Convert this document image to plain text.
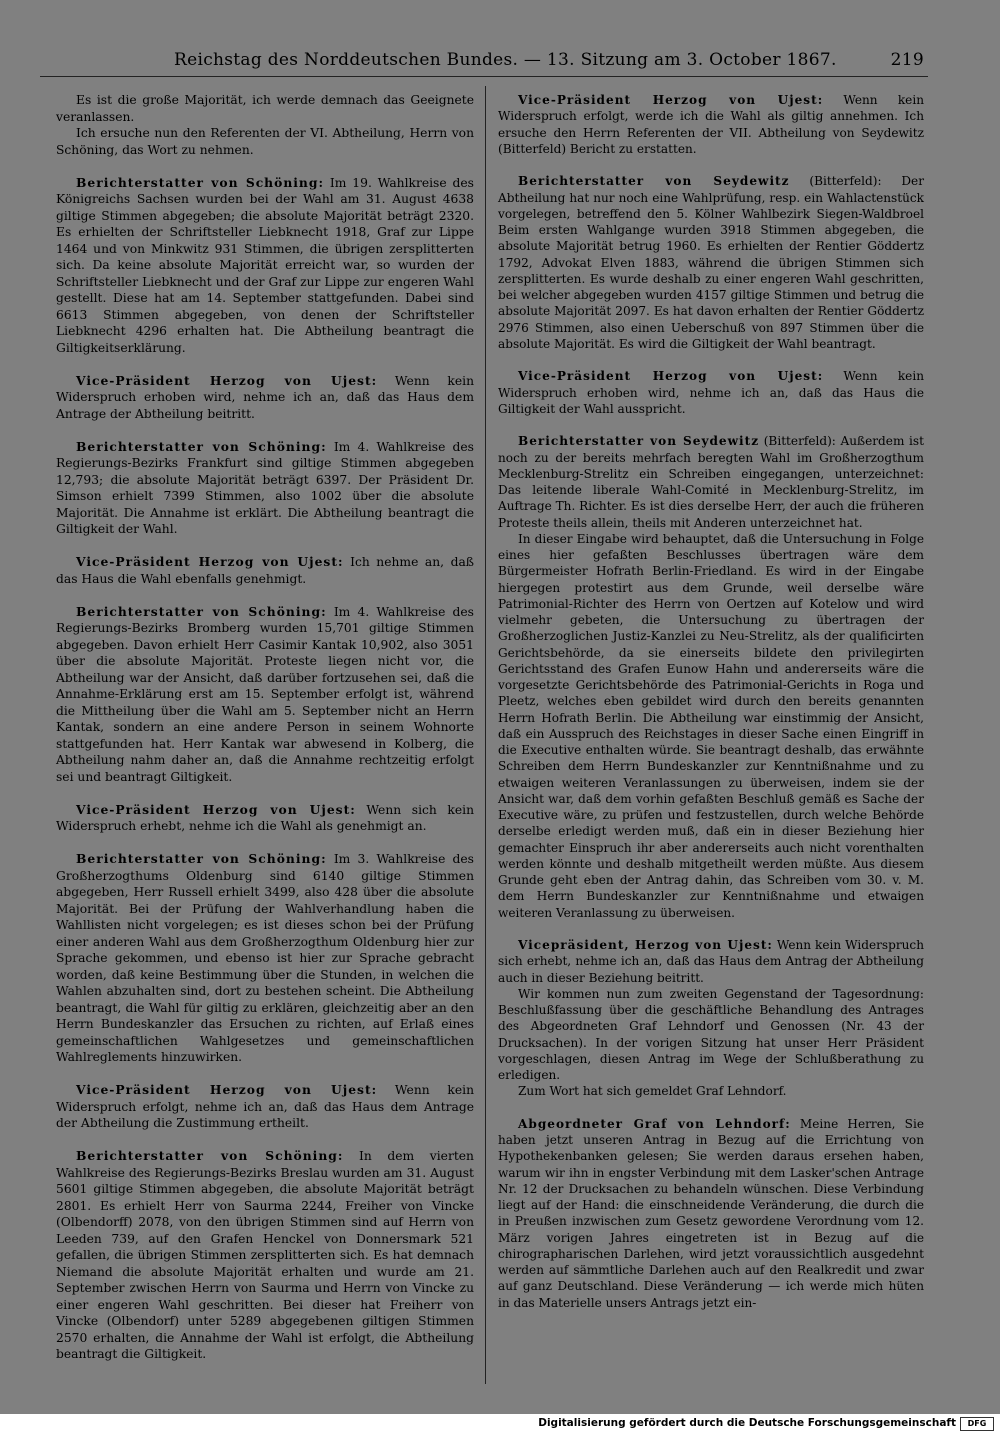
Reichstag des Norddeutschen Bundes. — 13. Sitzung am 3. October 1867.	219

Es ist die große Majorität, ich werde demnach das Geeignete veranlassen.

Ich ersuche nun den Referenten der VI. Abtheilung, Herrn von Schöning, das Wort zu nehmen.

Berichterstatter von Schöning: Im 19. Wahlkreise des Königreichs Sachsen wurden bei der Wahl am 31. August 4638 giltige Stimmen abgegeben; die absolute Majorität beträgt 2320. Es erhielten der Schriftsteller Liebknecht 1918, Graf zur Lippe 1464 und von Minkwitz 931 Stimmen, die übrigen zersplitterten sich. Da keine absolute Majorität erreicht war, so wurden der Schriftsteller Liebknecht und der Graf zur Lippe zur engeren Wahl gestellt. Diese hat am 14. September stattgefunden. Dabei sind 6613 Stimmen abgegeben, von denen der Schriftsteller Liebknecht 4296 erhalten hat. Die Abtheilung beantragt die Giltigkeitserklärung.

Vice-Präsident Herzog von Ujest: Wenn kein Widerspruch erhoben wird, nehme ich an, daß das Haus dem Antrage der Abtheilung beitritt.

Berichterstatter von Schöning: Im 4. Wahlkreise des Regierungs-Bezirks Frankfurt sind giltige Stimmen abgegeben 12,793; die absolute Majorität beträgt 6397. Der Präsident Dr. Simson erhielt 7399 Stimmen, also 1002 über die absolute Majorität. Die Annahme ist erklärt. Die Abtheilung beantragt die Giltigkeit der Wahl.

Vice-Präsident Herzog von Ujest: Ich nehme an, daß das Haus die Wahl ebenfalls genehmigt.

Berichterstatter von Schöning: Im 4. Wahlkreise des Regierungs-Bezirks Bromberg wurden 15,701 giltige Stimmen abgegeben. Davon erhielt Herr Casimir Kantak 10,902, also 3051 über die absolute Majorität. Proteste liegen nicht vor, die Abtheilung war der Ansicht, daß darüber fortzusehen sei, daß die Annahme-Erklärung erst am 15. September erfolgt ist, während die Mittheilung über die Wahl am 5. September nicht an Herrn Kantak, sondern an eine andere Person in seinem Wohnorte stattgefunden hat. Herr Kantak war abwesend in Kolberg, die Abtheilung nahm daher an, daß die Annahme rechtzeitig erfolgt sei und beantragt Giltigkeit.

Vice-Präsident Herzog von Ujest: Wenn sich kein Widerspruch erhebt, nehme ich die Wahl als genehmigt an.

Berichterstatter von Schöning: Im 3. Wahlkreise des Großherzogthums Oldenburg sind 6140 giltige Stimmen abgegeben, Herr Russell erhielt 3499, also 428 über die absolute Majorität. Bei der Prüfung der Wahlverhandlung haben die Wahllisten nicht vorgelegen; es ist dieses schon bei der Prüfung einer anderen Wahl aus dem Großherzogthum Oldenburg hier zur Sprache gekommen, und ebenso ist hier zur Sprache gebracht worden, daß keine Bestimmung über die Stunden, in welchen die Wahlen abzuhalten sind, dort zu bestehen scheint. Die Abtheilung beantragt, die Wahl für giltig zu erklären, gleichzeitig aber an den Herrn Bundeskanzler das Ersuchen zu richten, auf Erlaß eines gemeinschaftlichen Wahlgesetzes und gemeinschaftlichen Wahlreglements hinzuwirken.

Vice-Präsident Herzog von Ujest: Wenn kein Widerspruch erfolgt, nehme ich an, daß das Haus dem Antrage der Abtheilung die Zustimmung ertheilt.

Berichterstatter von Schöning: In dem vierten Wahlkreise des Regierungs-Bezirks Breslau wurden am 31. August 5601 giltige Stimmen abgegeben, die absolute Majorität beträgt 2801. Es erhielt Herr von Saurma 2244, Freiher von Vincke (Olbendorff) 2078, von den übrigen Stimmen sind auf Herrn von Leeden 739, auf den Grafen Henckel von Donnersmark 521 gefallen, die übrigen Stimmen zersplitterten sich. Es hat demnach Niemand die absolute Majorität erhalten und wurde am 21. September zwischen Herrn von Saurma und Herrn von Vincke zu einer engeren Wahl geschritten. Bei dieser hat Freiherr von Vincke (Olbendorf) unter 5289 abgegebenen giltigen Stimmen 2570 erhalten, die Annahme der Wahl ist erfolgt, die Abtheilung beantragt die Giltigkeit.

Vice-Präsident Herzog von Ujest: Wenn kein Widerspruch erfolgt, werde ich die Wahl als giltig annehmen. Ich ersuche den Herrn Referenten der VII. Abtheilung von Seydewitz (Bitterfeld) Bericht zu erstatten.

Berichterstatter von Seydewitz (Bitterfeld): Der Abtheilung hat nur noch eine Wahlprüfung, resp. ein Wahlactenstück vorgelegen, betreffend den 5. Kölner Wahlbezirk Siegen-Waldbroel Beim ersten Wahlgange wurden 3918 Stimmen abgegeben, die absolute Majorität betrug 1960. Es erhielten der Rentier Göddertz 1792, Advokat Elven 1883, während die übrigen Stimmen sich zersplitterten. Es wurde deshalb zu einer engeren Wahl geschritten, bei welcher abgegeben wurden 4157 giltige Stimmen und betrug die absolute Majorität 2097. Es hat davon erhalten der Rentier Göddertz 2976 Stimmen, also einen Ueberschuß von 897 Stimmen über die absolute Majorität. Es wird die Giltigkeit der Wahl beantragt.

Vice-Präsident Herzog von Ujest: Wenn kein Widerspruch erhoben wird, nehme ich an, daß das Haus die Giltigkeit der Wahl ausspricht.

Berichterstatter von Seydewitz (Bitterfeld): Außerdem ist noch zu der bereits mehrfach beregten Wahl im Großherzogthum Mecklenburg-Strelitz ein Schreiben eingegangen, unterzeichnet: Das leitende liberale Wahl-Comité in Mecklenburg-Strelitz, im Auftrage Th. Richter. Es ist dies derselbe Herr, der auch die früheren Proteste theils allein, theils mit Anderen unterzeichnet hat.

In dieser Eingabe wird behauptet, daß die Untersuchung in Folge eines hier gefaßten Beschlusses übertragen wäre dem Bürgermeister Hofrath Berlin-Friedland. Es wird in der Eingabe hiergegen protestirt aus dem Grunde, weil derselbe wäre Patrimonial-Richter des Herrn von Oertzen auf Kotelow und wird vielmehr gebeten, die Untersuchung zu übertragen der Großherzoglichen Justiz-Kanzlei zu Neu-Strelitz, als der qualificirten Gerichtsbehörde, da sie einerseits bildete den privilegirten Gerichtsstand des Grafen Eunow Hahn und andererseits wäre die vorgesetzte Gerichtsbehörde des Patrimonial-Gerichts in Roga und Pleetz, welches eben gebildet wird durch den bereits genannten Herrn Hofrath Berlin. Die Abtheilung war einstimmig der Ansicht, daß ein Ausspruch des Reichstages in dieser Sache einen Eingriff in die Executive enthalten würde. Sie beantragt deshalb, das erwähnte Schreiben dem Herrn Bundeskanzler zur Kenntnißnahme und zu etwaigen weiteren Veranlassungen zu überweisen, indem sie der Ansicht war, daß dem vorhin gefaßten Beschluß gemäß es Sache der Executive wäre, zu prüfen und festzustellen, durch welche Behörde derselbe erledigt werden muß, daß ein in dieser Beziehung hier gemachter Einspruch ihr aber andererseits auch nicht vorenthalten werden könnte und deshalb mitgetheilt werden müßte. Aus diesem Grunde geht eben der Antrag dahin, das Schreiben vom 30. v. M. dem Herrn Bundeskanzler zur Kenntnißnahme und etwaigen weiteren Veranlassung zu überweisen.

Vicepräsident, Herzog von Ujest: Wenn kein Widerspruch sich erhebt, nehme ich an, daß das Haus dem Antrag der Abtheilung auch in dieser Beziehung beitritt.

Wir kommen nun zum zweiten Gegenstand der Tagesordnung: Beschlußfassung über die geschäftliche Behandlung des Antrages des Abgeordneten Graf Lehndorf und Genossen (Nr. 43 der Drucksachen). In der vorigen Sitzung hat unser Herr Präsident vorgeschlagen, diesen Antrag im Wege der Schlußberathung zu erledigen.

Zum Wort hat sich gemeldet Graf Lehndorf.

Abgeordneter Graf von Lehndorf: Meine Herren, Sie haben jetzt unseren Antrag in Bezug auf die Errichtung von Hypothekenbanken gelesen; Sie werden daraus ersehen haben, warum wir ihn in engster Verbindung mit dem Lasker'schen Antrage Nr. 12 der Drucksachen zu behandeln wünschen. Diese Verbindung liegt auf der Hand: die einschneidende Veränderung, die durch die in Preußen inzwischen zum Gesetz gewordene Verordnung vom 12. März vorigen Jahres eingetreten ist in Bezug auf die chirographarischen Darlehen, wird jetzt voraussichtlich ausgedehnt werden auf sämmtliche Darlehen auch auf den Realkredit und zwar auf ganz Deutschland. Diese Veränderung — ich werde mich hüten in das Materielle unsers Antrags jetzt ein-

Digitalisierung gefördert durch die Deutsche Forschungsgemeinschaft	DFG
